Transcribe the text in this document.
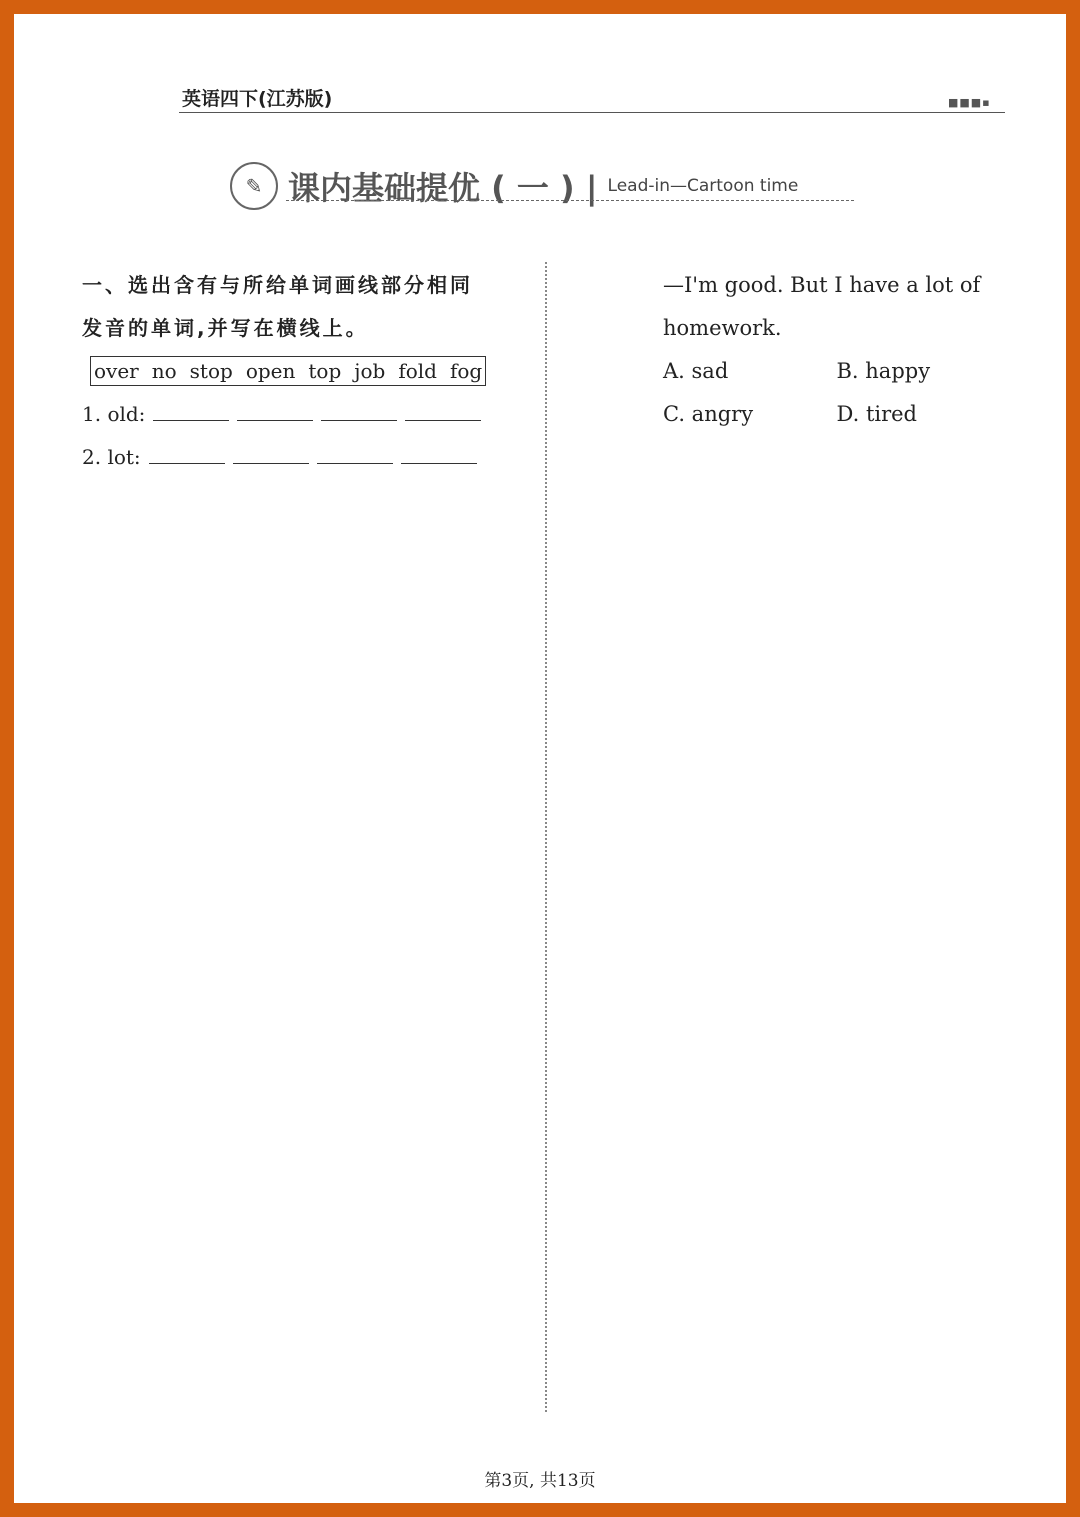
英语四下(江苏版)	■■■▪
✎ 课内基础提优 ( 一 ) | Lead-in—Cartoon time
一、选出含有与所给单词画线部分相同
发音的单词,并写在横线上。
over no stop open top job fold fog
1. old:
2. lot:
—I'm good. But I have a lot of
homework.
A. sad	B. happy
C. angry	D. tired
第3页, 共13页
